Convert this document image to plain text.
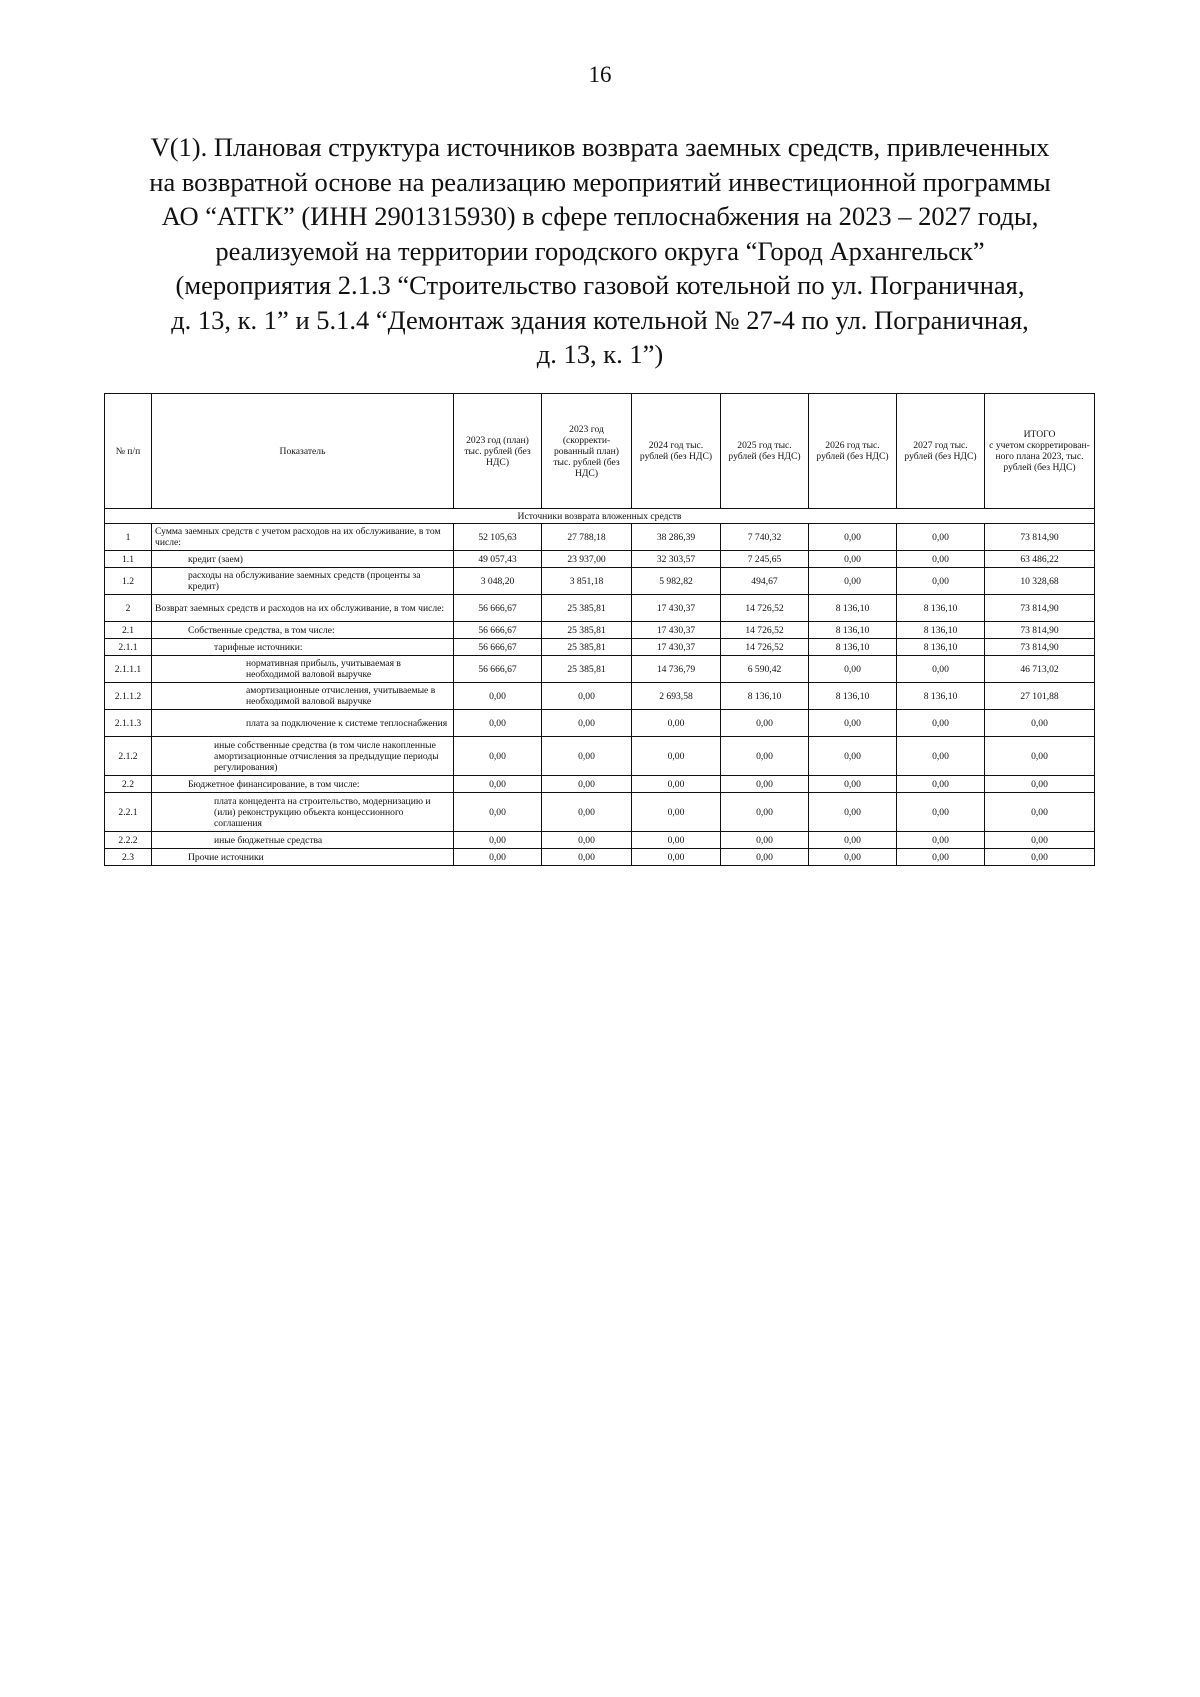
16
V(1). Плановая структура источников возврата заемных средств, привлеченных
на возвратной основе на реализацию мероприятий инвестиционной программы
АО “АТГК” (ИНН 2901315930) в сфере теплоснабжения на 2023 – 2027 годы,
реализуемой на территории городского округа “Город Архангельск”
(мероприятия 2.1.3 “Строительство газовой котельной по ул. Пограничная,
д. 13, к. 1” и 5.1.4 “Демонтаж здания котельной № 27-4 по ул. Пограничная,
д. 13, к. 1”)
№ п/п	Показатель	2023 год (план) тыс. рублей (без НДС)	2023 год (скорректи-рованный план) тыс. рублей (без НДС)	2024 год тыс. рублей (без НДС)	2025 год тыс. рублей (без НДС)	2026 год тыс. рублей (без НДС)	2027 год тыс. рублей (без НДС)	ИТОГО
с учетом скорретирован-ного плана 2023, тыс. рублей (без НДС)

Источники возврата вложенных средств								
1	Сумма заемных средств с учетом расходов на их обслуживание, в том числе:	52 105,63	27 788,18	38 286,39	7 740,32	0,00	0,00	73 814,90
1.1	кредит (заем)	49 057,43	23 937,00	32 303,57	7 245,65	0,00	0,00	63 486,22
1.2	расходы на обслуживание заемных средств (проценты за кредит)	3 048,20	3 851,18	5 982,82	494,67	0,00	0,00	10 328,68
2	Возврат заемных средств и расходов на их обслуживание, в том числе:	56 666,67	25 385,81	17 430,37	14 726,52	8 136,10	8 136,10	73 814,90
2.1	Собственные средства, в том числе:	56 666,67	25 385,81	17 430,37	14 726,52	8 136,10	8 136,10	73 814,90
2.1.1	тарифные источники:	56 666,67	25 385,81	17 430,37	14 726,52	8 136,10	8 136,10	73 814,90
2.1.1.1	нормативная прибыль, учитываемая в необходимой валовой выручке	56 666,67	25 385,81	14 736,79	6 590,42	0,00	0,00	46 713,02
2.1.1.2	амортизационные отчисления, учитываемые в необходимой валовой выручке	0,00	0,00	2 693,58	8 136,10	8 136,10	8 136,10	27 101,88
2.1.1.3	плата за подключение к системе теплоснабжения	0,00	0,00	0,00	0,00	0,00	0,00	0,00
2.1.2	иные собственные средства (в том числе накопленные амортизационные отчисления за предыдущие периоды регулирования)	0,00	0,00	0,00	0,00	0,00	0,00	0,00
2.2	Бюджетное финансирование, в том числе:	0,00	0,00	0,00	0,00	0,00	0,00	0,00
2.2.1	плата концедента на строительство, модернизацию и (или) реконструкцию объекта концессионного соглашения	0,00	0,00	0,00	0,00	0,00	0,00	0,00
2.2.2	иные бюджетные средства	0,00	0,00	0,00	0,00	0,00	0,00	0,00
2.3	Прочие источники	0,00	0,00	0,00	0,00	0,00	0,00	0,00
